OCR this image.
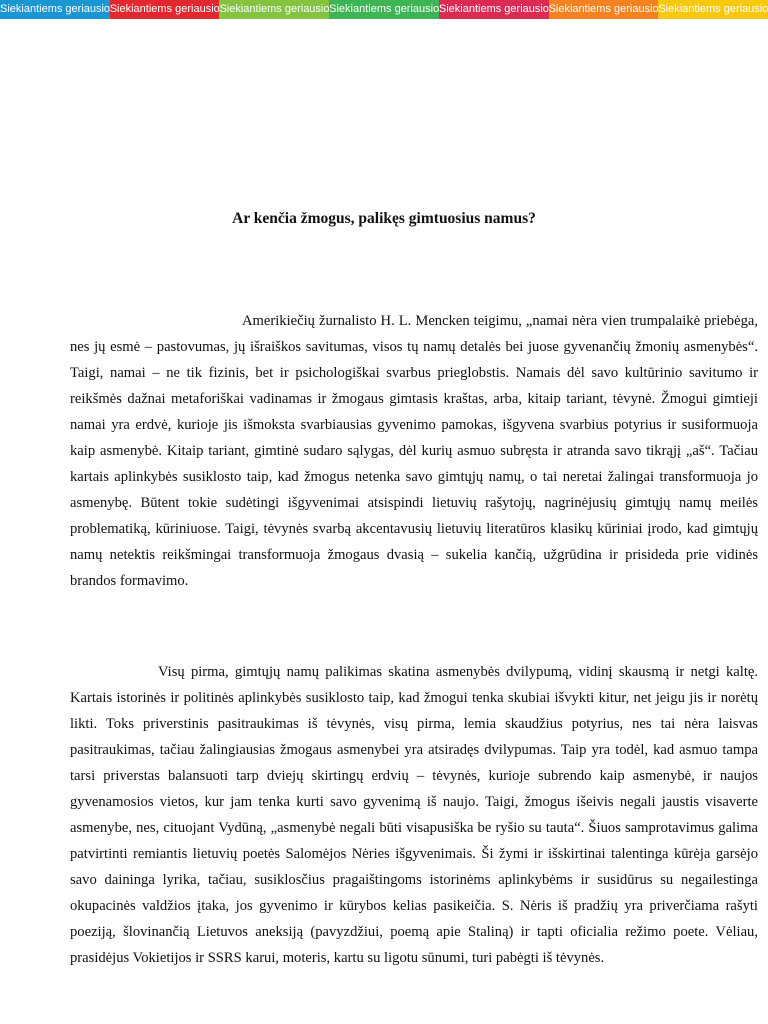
Siekiantiems geriausio Siekiantiems geriausio Siekiantiems geriausio Siekiantiems geriausio Siekiantiems geriausio Siekiantiems geriausio Siekiantiems geriausio
Ar kenčia žmogus, palikęs gimtuosius namus?

Amerikiečių žurnalisto H. L. Mencken teigimu, „namai nėra vien trumpalaikė priebėga, nes jų esmė – pastovumas, jų išraiškos savitumas, visos tų namų detalės bei juose gyvenančių žmonių asmenybės“. Taigi, namai – ne tik fizinis, bet ir psichologiškai svarbus prieglobstis. Namais dėl savo kultūrinio savitumo ir reikšmės dažnai metaforiškai vadinamas ir žmogaus gimtasis kraštas, arba, kitaip tariant, tėvynė. Žmogui gimtieji namai yra erdvė, kurioje jis išmoksta svarbiausias gyvenimo pamokas, išgyvena svarbius potyrius ir susiformuoja kaip asmenybė. Kitaip tariant, gimtinė sudaro sąlygas, dėl kurių asmuo subręsta ir atranda savo tikrąjį „aš“. Tačiau kartais aplinkybės susiklosto taip, kad žmogus netenka savo gimtųjų namų, o tai neretai žalingai transformuoja jo asmenybę. Būtent tokie sudėtingi išgyvenimai atsispindi lietuvių rašytojų, nagrinėjusių gimtųjų namų meilės problematiką, kūriniuose. Taigi, tėvynės svarbą akcentavusių lietuvių literatūros klasikų kūriniai įrodo, kad gimtųjų namų netektis reikšmingai transformuoja žmogaus dvasią – sukelia kančią, užgrūdina ir prisideda prie vidinės brandos formavimo.

Visų pirma, gimtųjų namų palikimas skatina asmenybės dvilypumą, vidinį skausmą ir netgi kaltę. Kartais istorinės ir politinės aplinkybės susiklosto taip, kad žmogui tenka skubiai išvykti kitur, net jeigu jis ir norėtų likti. Toks priverstinis pasitraukimas iš tėvynės, visų pirma, lemia skaudžius potyrius, nes tai nėra laisvas pasitraukimas, tačiau žalingiausias žmogaus asmenybei yra atsiradęs dvilypumas. Taip yra todėl, kad asmuo tampa tarsi priverstas balansuoti tarp dviejų skirtingų erdvių – tėvynės, kurioje subrendo kaip asmenybė, ir naujos gyvenamosios vietos, kur jam tenka kurti savo gyvenimą iš naujo. Taigi, žmogus išeivis negali jaustis visaverte asmenybe, nes, cituojant Vydūną, „asmenybė negali būti visapusiška be ryšio su tauta“. Šiuos samprotavimus galima patvirtinti remiantis lietuvių poetės Salomėjos Nėries išgyvenimais. Ši žymi ir išskirtinai talentinga kūrėja garsėjo savo daininga lyrika, tačiau, susiklosčius pragaištingoms istorinėms aplinkybėms ir susidūrus su negailestinga okupacinės valdžios įtaka, jos gyvenimo ir kūrybos kelias pasikeičia. S. Nėris iš pradžių yra priverčiama rašyti poeziją, šlovinančią Lietuvos aneksiją (pavyzdžiui, poemą apie Staliną) ir tapti oficialia režimo poete. Vėliau, prasidėjus Vokietijos ir SSRS karui, moteris, kartu su ligotu sūnumi, turi pabėgti iš tėvynės.
